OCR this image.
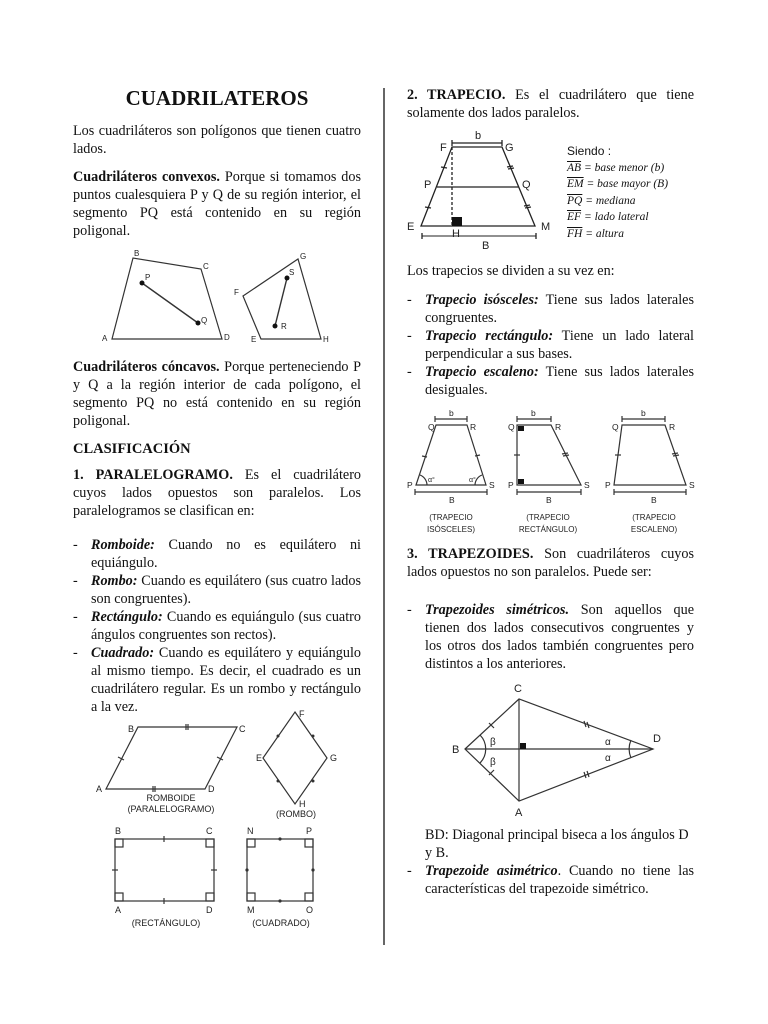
CUADRILATEROS

Los cuadriláteros son polígonos que tienen cuatro lados.

Cuadriláteros convexos. Porque si tomamos dos puntos cualesquiera P y Q de su región interior, el segmento PQ está contenido en su región poligonal.

A
B
C
D
P
Q
E
F
G
H
R
S

Cuadriláteros cóncavos. Porque perteneciendo P y Q a la región interior de cada polígono, el segmento PQ no está contenido en su región poligonal.

CLASIFICACIÓN

1. PARALELOGRAMO. Es el cuadrilátero cuyos lados opuestos son paralelos. Los paralelogramos se clasifican en:

- Romboide: Cuando no es equilátero ni equiángulo.
- Rombo: Cuando es equilátero (sus cuatro lados son congruentes).
- Rectángulo: Cuando es equiángulo (sus cuatro ángulos congruentes son rectos).
- Cuadrado: Cuando es equilátero y equiángulo al mismo tiempo. Es decir, el cuadrado es un cuadrilátero regular. Es un rombo y rectángulo a la vez.
A
B	C
D
E
F
G
H
ROMBOIDE
(PARALELOGRAMO)	(ROMBO)
A
B	C
D	M
N	P
O
(RECTÁNGULO)	(CUADRADO)

2. TRAPECIO. Es el cuadrilátero que tiene solamente dos lados paralelos.

F	G
P	Q
E
H
M
b
B
Siendo :
$\overline{AB}$ = base menor (b)
$\overline{EM}$ = base mayor (B)
$\overline{PQ}$ = mediana
$\overline{EF}$ = lado lateral
$\overline{FH}$ = altura

Los trapecios se dividen a su vez en:

- Trapecio isósceles: Tiene sus lados laterales congruentes.
- Trapecio rectángulo: Tiene un lado lateral perpendicular a sus bases.
- Trapecio escaleno: Tiene sus lados laterales desiguales.
Q	R
P	S
b
B
α°	α°
Q	R
P	S
b
B
Q	R
P	S
b
B
(TRAPECIO
ISÓSCELES)
(TRAPECIO
RECTÁNGULO)
(TRAPECIO
ESCALENO)

3. TRAPEZOIDES. Son cuadriláteros cuyos lados opuestos no son paralelos. Puede ser:

- Trapezoides simétricos. Son aquellos que tienen dos lados consecutivos congruentes y los otros dos lados también congruentes pero distintos a los anteriores.
B
C
D
A
β
β
α
α

BD: Diagonal principal biseca a los ángulos D y B.

- Trapezoide asimétrico. Cuando no tiene las características del trapezoide simétrico.
